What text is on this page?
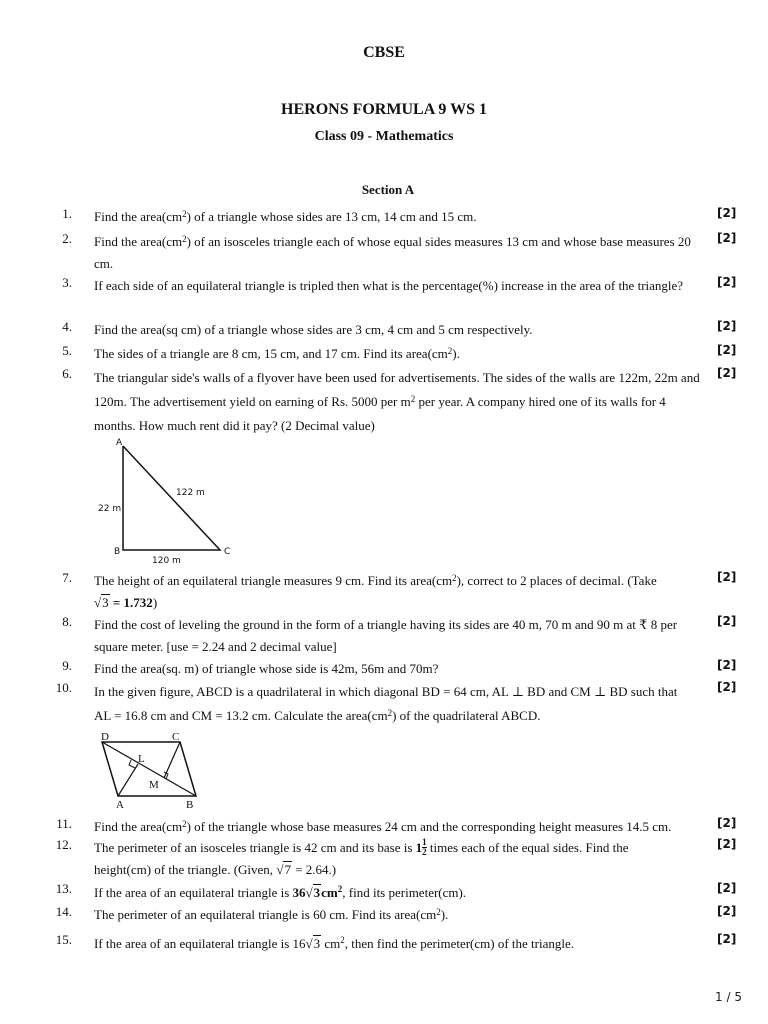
CBSE
HERONS FORMULA 9 WS 1
Class 09 - Mathematics
Section A
1. Find the $area(cm^2)$ of a triangle whose sides are 13 cm, 14 cm and 15 cm.	[2]
2. Find the $area(cm^2)$ of an isosceles triangle each of whose equal sides measures 13 cm and whose base measures 20 cm.
[2]
3. If each side of an equilateral triangle is tripled then what is the percentage(%) increase in the area of the triangle?	[2]
4. Find the area(sq cm) of a triangle whose sides are 3 cm, 4 cm and 5 cm respectively.	[2]
5. The sides of a triangle are 8 cm, 15 cm, and 17 cm. Find its $area(cm^2)$.	[2]
6. The triangular side's walls of a flyover have been used for advertisements. The sides of the walls are 122m, 22m and 120m. The advertisement yield on earning of Rs. 5000 per $m^2$ per year. A company hired one of its walls for 4 months. How much rent did it pay? (2 Decimal value)
[2]
A
B	C
122 m
22 m
120 m
7. The height of an equilateral triangle measures 9 cm. Find its $area(cm^2)$, correct to 2 places of decimal. (Take
√3 = 1.732)
[2]
8. Find the cost of leveling the ground in the form of a triangle having its sides are 40 m, 70 m and 90 m at ₹ 8 per square meter. [use = 2.24 and 2 decimal value]
[2]
9. Find the area(sq. m) of triangle whose side is 42m, 56m and 70m?	[2]
10. In the given figure, ABCD is a quadrilateral in which diagonal BD = 64 cm, AL ⊥ BD and CM ⊥ BD such that
AL = 16.8 cm and CM = 13.2 cm. Calculate the $area(cm^2)$ of the quadrilateral ABCD.
[2]
D	C
A	B
L
M
11. Find the $area(cm^2)$ of the triangle whose base measures 24 cm and the corresponding height measures 14.5 cm.	[2]
12. The perimeter of an isosceles triangle is 42 cm and its base is $1 \frac{1}{2}$ times each of the equal sides. Find the
height(cm) of the triangle. (Given, √7 = 2.64.)
[2]
13. If the area of an equilateral triangle is $36√3cm^2$, find its perimeter(cm).	[2]
14. The perimeter of an equilateral triangle is 60 cm. Find its $area(cm^2)$.	[2]
15. If the area of an equilateral triangle is 16√3 $cm^2$, then find the perimeter(cm) of the triangle.	[2]
1 / 5
